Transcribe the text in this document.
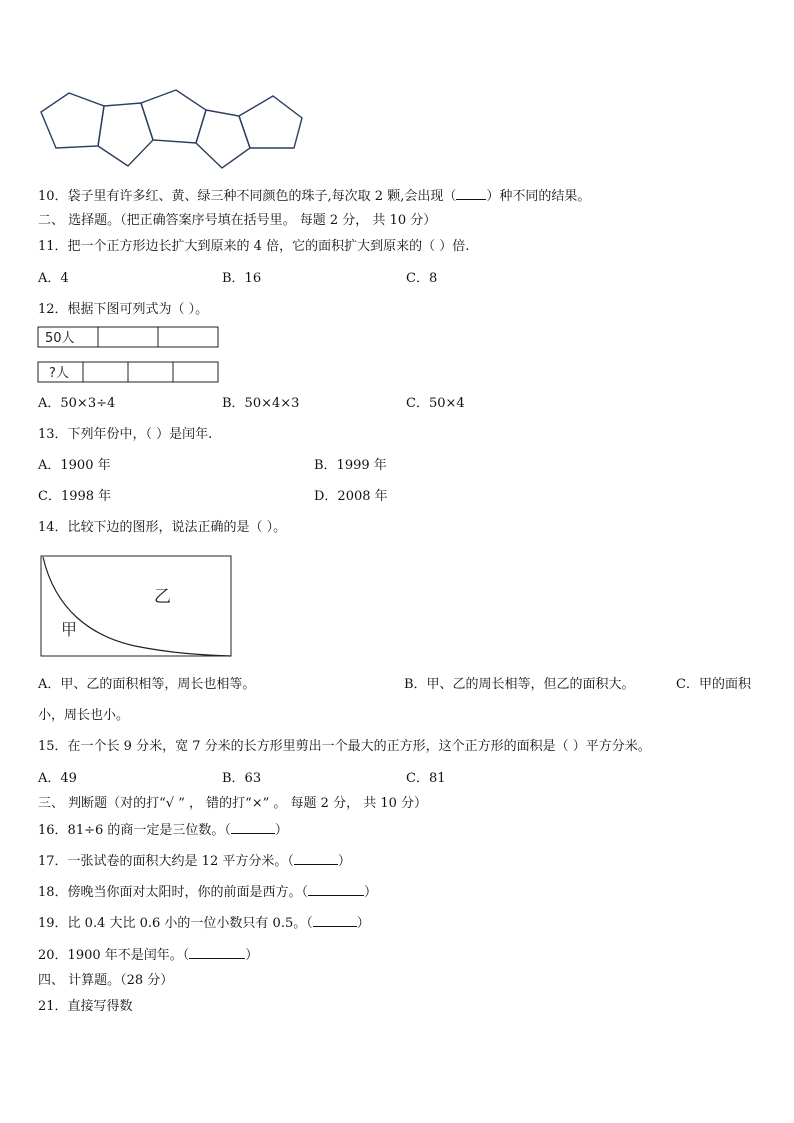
10．袋子里有许多红、黄、绿三种不同颜色的珠子,每次取 2 颗,会出现（ ）种不同的结果。
二、 选择题。（把正确答案序号填在括号里。 每题 2 分， 共 10 分）
11．把一个正方形边长扩大到原来的 4 倍，它的面积扩大到原来的（ ）倍.
A．4	B．16	C．8
12．根据下图可列式为（ ）。
50人
?人
A．50×3÷4	B．50×4×3	C．50×4
13．下列年份中，（ ）是闰年.
A．1900 年	B．1999 年
C．1998 年	D．2008 年
14．比较下边的图形，说法正确的是（ ）。
乙
甲
A．甲、乙的面积相等，周长也相等。	B．甲、乙的周长相等，但乙的面积大。	C．甲的面积
小，周长也小。
15．在一个长 9 分米，宽 7 分米的长方形里剪出一个最大的正方形，这个正方形的面积是（ ）平方分米。
A．49	B．63	C．81
三、 判断题（对的打“√ ” ， 错的打“×” 。 每题 2 分， 共 10 分）
16．81÷6 的商一定是三位数。（	）
17．一张试卷的面积大约是 12 平方分米。（	）
18．傍晚当你面对太阳时，你的前面是西方。（	）
19．比 0.4 大比 0.6 小的一位小数只有 0.5。（	）
20．1900 年不是闰年。（	）
四、 计算题。（28 分）
21．直接写得数
